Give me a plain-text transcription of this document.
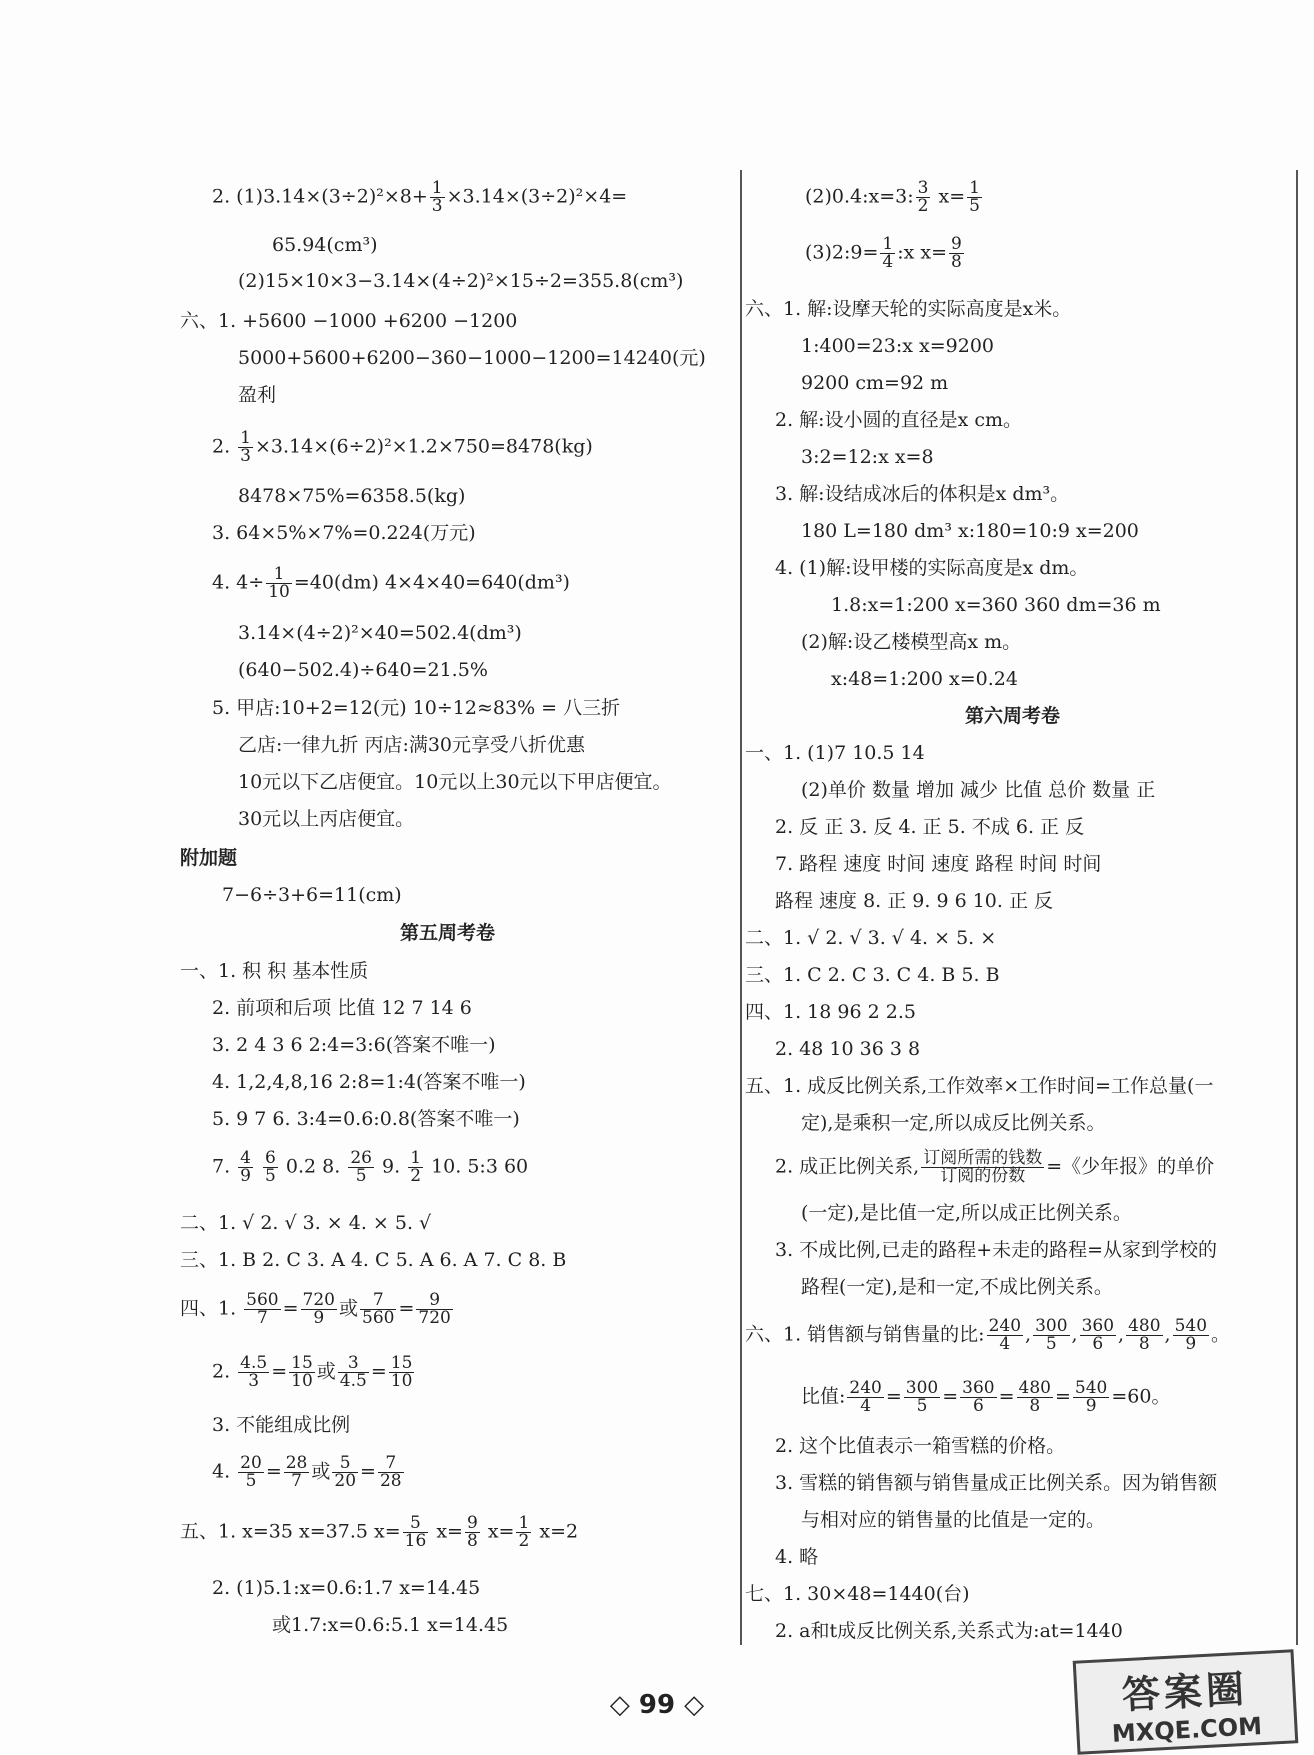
2. $(1)3.14\times(3\div 2)^2\times 8+ \frac{1}{3} \times 3.14\times(3\div 2)^2\times 4=$
65.94(cm³)
(2)15×10×3−3.14×(4÷2)²×15÷2=355.8(cm³)
六、1. +5600 −1000 +6200 −1200
5000+5600+6200−360−1000−1200=14240(元)
盈利
2. $\frac{1}{3} \times 3.14\times(6\div 2)^2\times 1.2\times 750=8478(kg)$
8478×75%=6358.5(kg)
3. 64×5%×7%=0.224(万元)
4. $4\div \frac{1}{10} =40(dm)$ 4×4×40=640(dm³)
3.14×(4÷2)²×40=502.4(dm³)
(640−502.4)÷640=21.5%
5. 甲店:10+2=12(元) 10÷12≈83% = 八三折
乙店:一律九折 丙店:满30元享受八折优惠
10元以下乙店便宜。10元以上30元以下甲店便宜。
30元以上丙店便宜。
附加题
7−6÷3+6=11(cm)
第五周考卷
一、1. 积 积 基本性质
2. 前项和后项 比值 12 7 14 6
3. 2 4 3 6 2:4=3:6(答案不唯一)
4. 1,2,4,8,16 2:8=1:4(答案不唯一)
5. 9 7 6. 3:4=0.6:0.8(答案不唯一)
7. $\frac{4}{9}$
$\frac{6}{5} 0.2$ 8. $\frac{26}{5} 9$. $\frac{1}{2} 10$. 5:3 60
二、1. √ 2. √ 3. × 4. × 5. √
三、1. B 2. C 3. A 4. C 5. A 6. A 7. C 8. B
四、1. $\frac{560}{7} = \frac{720}{9}$ 或 $\frac{7}{560} = \frac{9}{720}$
2. $\frac{4.5}{3} = \frac{15}{10}$ 或 $\frac{3}{4.5} = \frac{15}{10}$
3. 不能组成比例
4. $\frac{20}{5} = \frac{28}{7}$ 或 $\frac{5}{20} = \frac{7}{28}$
五、1. x=35 x=37.5 $x= \frac{5}{16} x= \frac{9}{8} x= \frac{1}{2} x=2$
2. (1)5.1:x=0.6:1.7 x=14.45
或1.7:x=0.6:5.1 x=14.45
(2)0.4:x=3: $\frac{3}{2} x= \frac{1}{5}$
(3)2:9= $\frac{1}{4}$ :x $x= \frac{9}{8}$
六、1. 解:设摩天轮的实际高度是x米。
1:400=23:x x=9200
9200 cm=92 m
2. 解:设小圆的直径是x cm。
3:2=12:x x=8
3. 解:设结成冰后的体积是x dm³。
180 L=180 dm³ x:180=10:9 x=200
4. (1)解:设甲楼的实际高度是x dm。
1.8:x=1:200 x=360 360 dm=36 m
(2)解:设乙楼模型高x m。
x:48=1:200 x=0.24
第六周考卷
一、1. (1)7 10.5 14
(2)单价 数量 增加 减少 比值 总价 数量 正
2. 反 正 3. 反 4. 正 5. 不成 6. 正 反
7. 路程 速度 时间 速度 路程 时间 时间
路程 速度 8. 正 9. 9 6 10. 正 反
二、1. √ 2. √ 3. √ 4. × 5. ×
三、1. C 2. C 3. C 4. B 5. B
四、1. 18 96 2 2.5
2. 48 10 36 3 8
五、1. 成反比例关系,工作效率×工作时间=工作总量(一
定),是乘积一定,所以成反比例关系。
2. 成正比例关系, $\frac{\text{订阅所需的钱数}}{\text{订阅的份数}}$ =《少年报》的单价
(一定),是比值一定,所以成正比例关系。
3. 不成比例,已走的路程+未走的路程=从家到学校的
路程(一定),是和一定,不成比例关系。
六、1. 销售额与销售量的比: $\frac{240}{4}$ , $\frac{300}{5}$ , $\frac{360}{6}$ , $\frac{480}{8}$ , $\frac{540}{9}$ 。
比值: $\frac{240}{4} = \frac{300}{5} = \frac{360}{6} = \frac{480}{8} = \frac{540}{9} =60$。
2. 这个比值表示一箱雪糕的价格。
3. 雪糕的销售额与销售量成正比例关系。因为销售额
与相对应的销售量的比值是一定的。
4. 略
七、1. 30×48=1440(台)
2. a和t成反比例关系,关系式为:at=1440
◇ 99 ◇	答案圈
MXQE.COM
